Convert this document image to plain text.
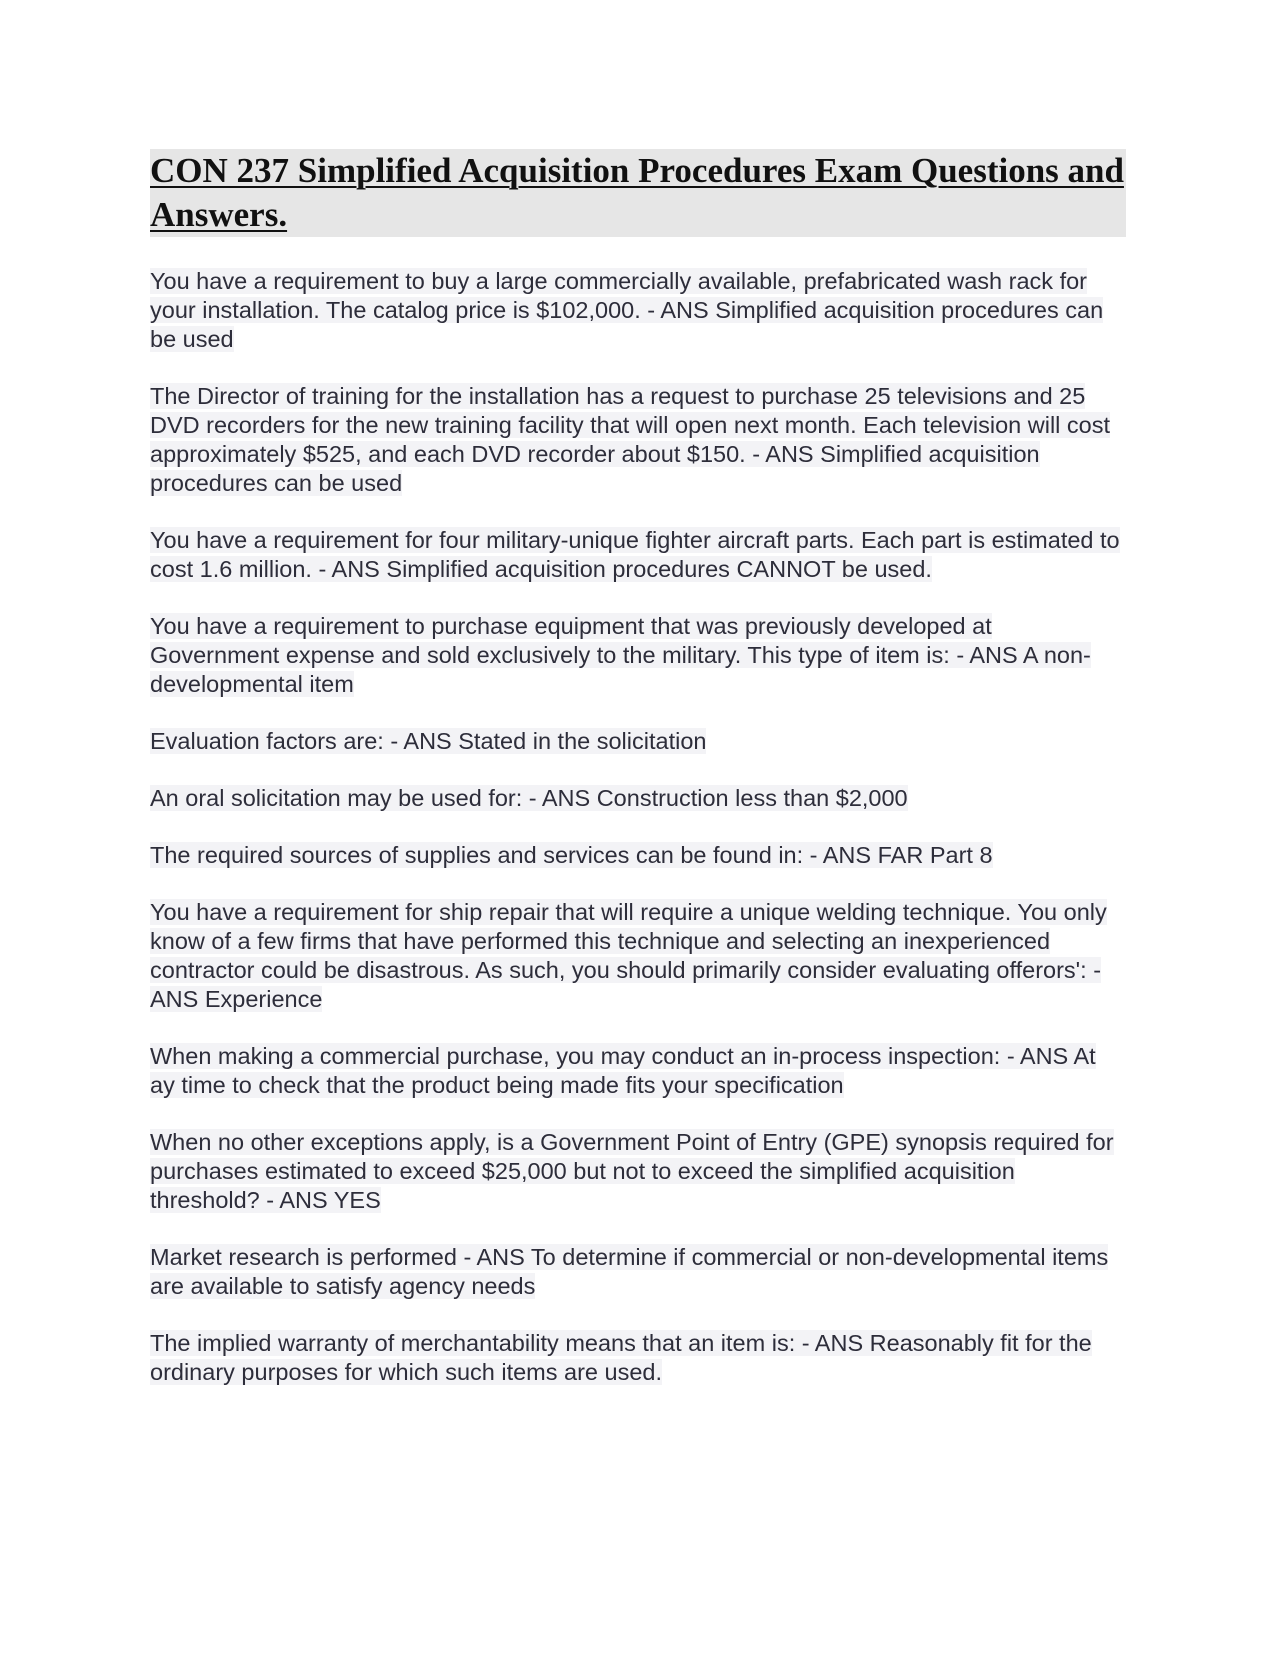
CON 237 Simplified Acquisition Procedures Exam Questions and Answers.

You have a requirement to buy a large commercially available, prefabricated wash rack for your installation. The catalog price is $102,000. - ANS Simplified acquisition procedures can be used

The Director of training for the installation has a request to purchase 25 televisions and 25 DVD recorders for the new training facility that will open next month. Each television will cost approximately $525, and each DVD recorder about $150. - ANS Simplified acquisition procedures can be used

You have a requirement for four military-unique fighter aircraft parts. Each part is estimated to cost 1.6 million. - ANS Simplified acquisition procedures CANNOT be used.

You have a requirement to purchase equipment that was previously developed at Government expense and sold exclusively to the military. This type of item is: - ANS A non-developmental item

Evaluation factors are: - ANS Stated in the solicitation

An oral solicitation may be used for: - ANS Construction less than $2,000

The required sources of supplies and services can be found in: - ANS FAR Part 8

You have a requirement for ship repair that will require a unique welding technique. You only know of a few firms that have performed this technique and selecting an inexperienced contractor could be disastrous. As such, you should primarily consider evaluating offerors': - ANS Experience

When making a commercial purchase, you may conduct an in-process inspection: - ANS At ay time to check that the product being made fits your specification

When no other exceptions apply, is a Government Point of Entry (GPE) synopsis required for purchases estimated to exceed $25,000 but not to exceed the simplified acquisition threshold? - ANS YES

Market research is performed - ANS To determine if commercial or non-developmental items are available to satisfy agency needs

The implied warranty of merchantability means that an item is: - ANS Reasonably fit for the ordinary purposes for which such items are used.
